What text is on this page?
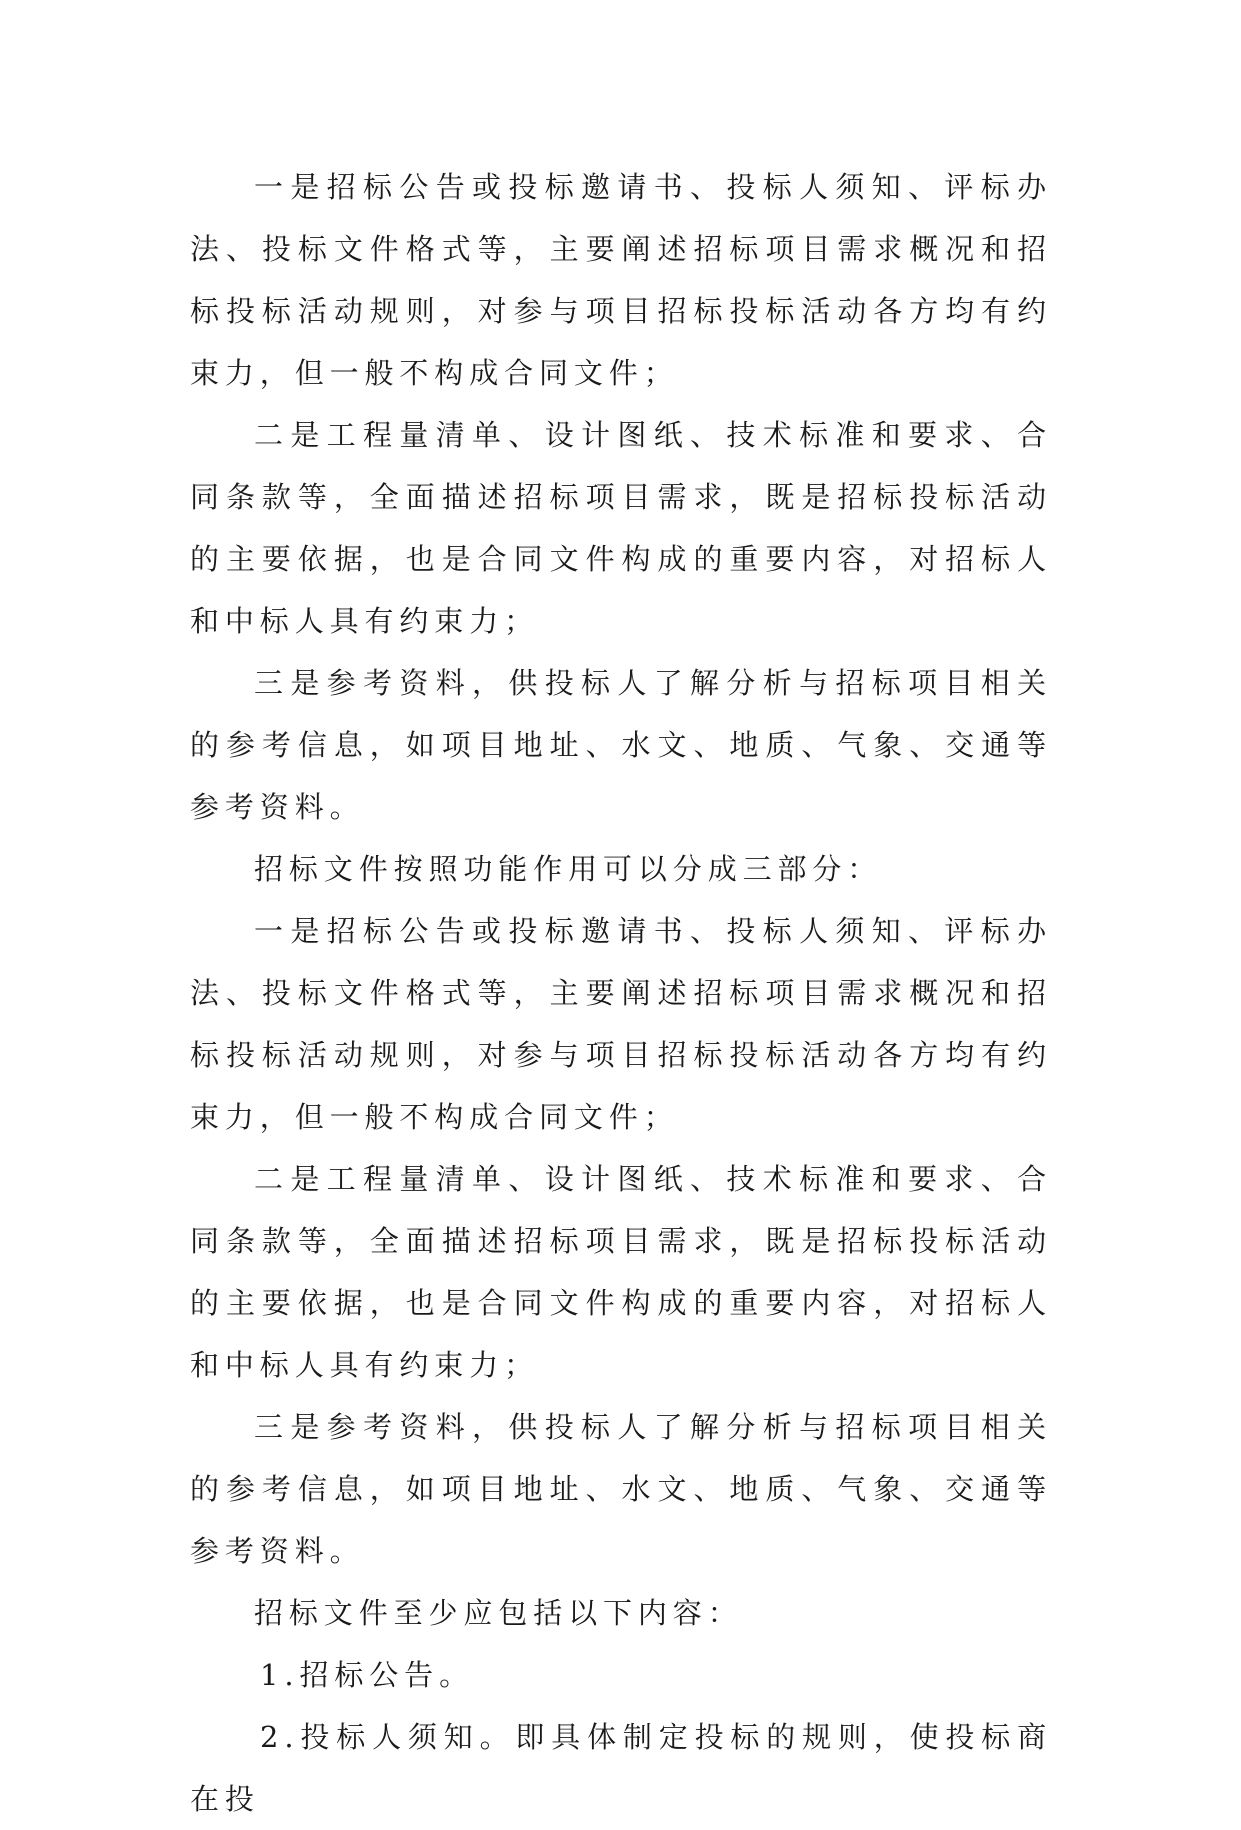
一是招标公告或投标邀请书、投标人须知、评标办法、投标文件格式等，主要阐述招标项目需求概况和招标投标活动规则，对参与项目招标投标活动各方均有约束力，但一般不构成合同文件；

二是工程量清单、设计图纸、技术标准和要求、合同条款等，全面描述招标项目需求，既是招标投标活动的主要依据，也是合同文件构成的重要内容，对招标人和中标人具有约束力；

三是参考资料，供投标人了解分析与招标项目相关的参考信息，如项目地址、水文、地质、气象、交通等参考资料。

招标文件按照功能作用可以分成三部分：

一是招标公告或投标邀请书、投标人须知、评标办法、投标文件格式等，主要阐述招标项目需求概况和招标投标活动规则，对参与项目招标投标活动各方均有约束力，但一般不构成合同文件；

二是工程量清单、设计图纸、技术标准和要求、合同条款等，全面描述招标项目需求，既是招标投标活动的主要依据，也是合同文件构成的重要内容，对招标人和中标人具有约束力；

三是参考资料，供投标人了解分析与招标项目相关的参考信息，如项目地址、水文、地质、气象、交通等参考资料。

招标文件至少应包括以下内容：

1.招标公告。

2.投标人须知。即具体制定投标的规则，使投标商在投
